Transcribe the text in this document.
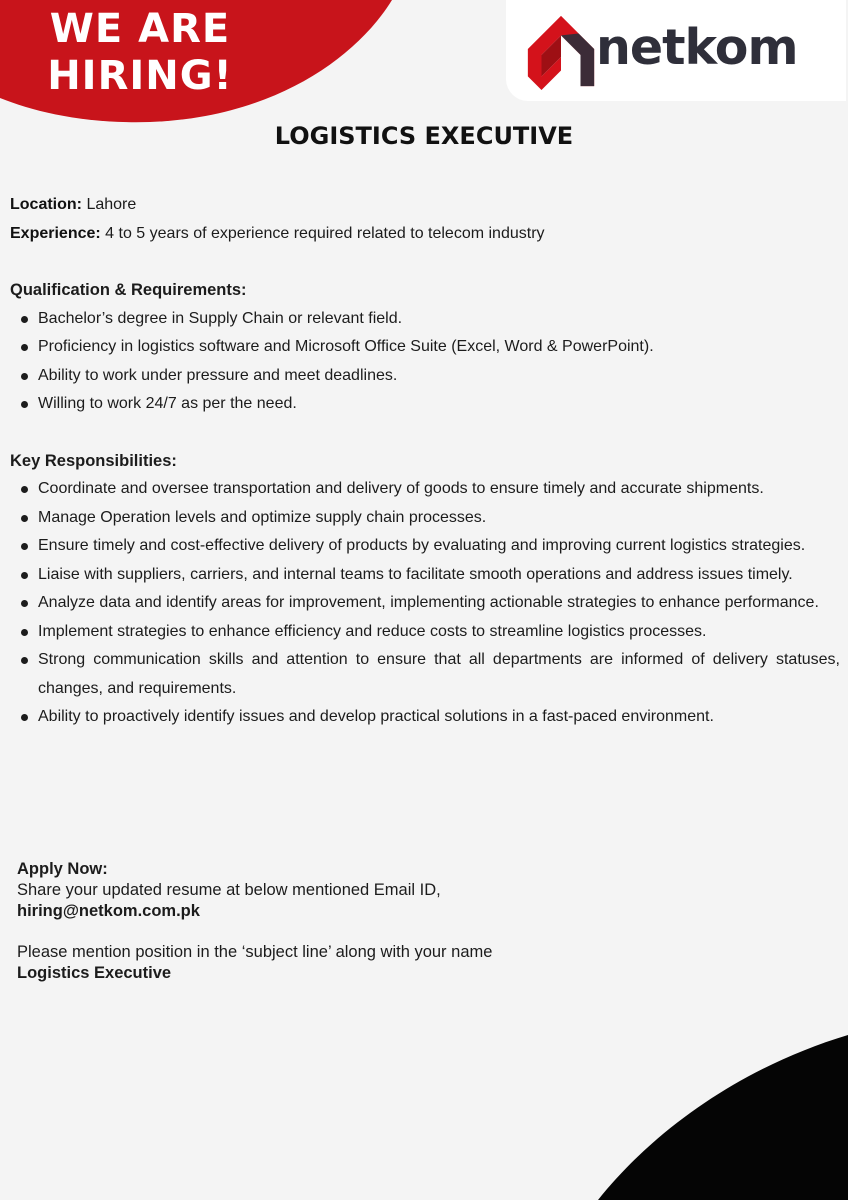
WE ARE
HIRING!	netkom
LOGISTICS EXECUTIVE
Location: Lahore
Experience: 4 to 5 years of experience required related to telecom industry
Qualification & Requirements:
Bachelor’s degree in Supply Chain or relevant field.
Proficiency in logistics software and Microsoft Office Suite (Excel, Word & PowerPoint).
Ability to work under pressure and meet deadlines.
Willing to work 24/7 as per the need.
Key Responsibilities:
Coordinate and oversee transportation and delivery of goods to ensure timely and accurate shipments.
Manage Operation levels and optimize supply chain processes.
Ensure timely and cost-effective delivery of products by evaluating and improving current logistics strategies.
Liaise with suppliers, carriers, and internal teams to facilitate smooth operations and address issues timely.
Analyze data and identify areas for improvement, implementing actionable strategies to enhance performance.
Implement strategies to enhance efficiency and reduce costs to streamline logistics processes.
Strong communication skills and attention to ensure that all departments are informed of delivery statuses, changes, and requirements.
Ability to proactively identify issues and develop practical solutions in a fast-paced environment.
Apply Now:
Share your updated resume at below mentioned Email ID,
hiring@netkom.com.pk
Please mention position in the ‘subject line’ along with your name
Logistics Executive
